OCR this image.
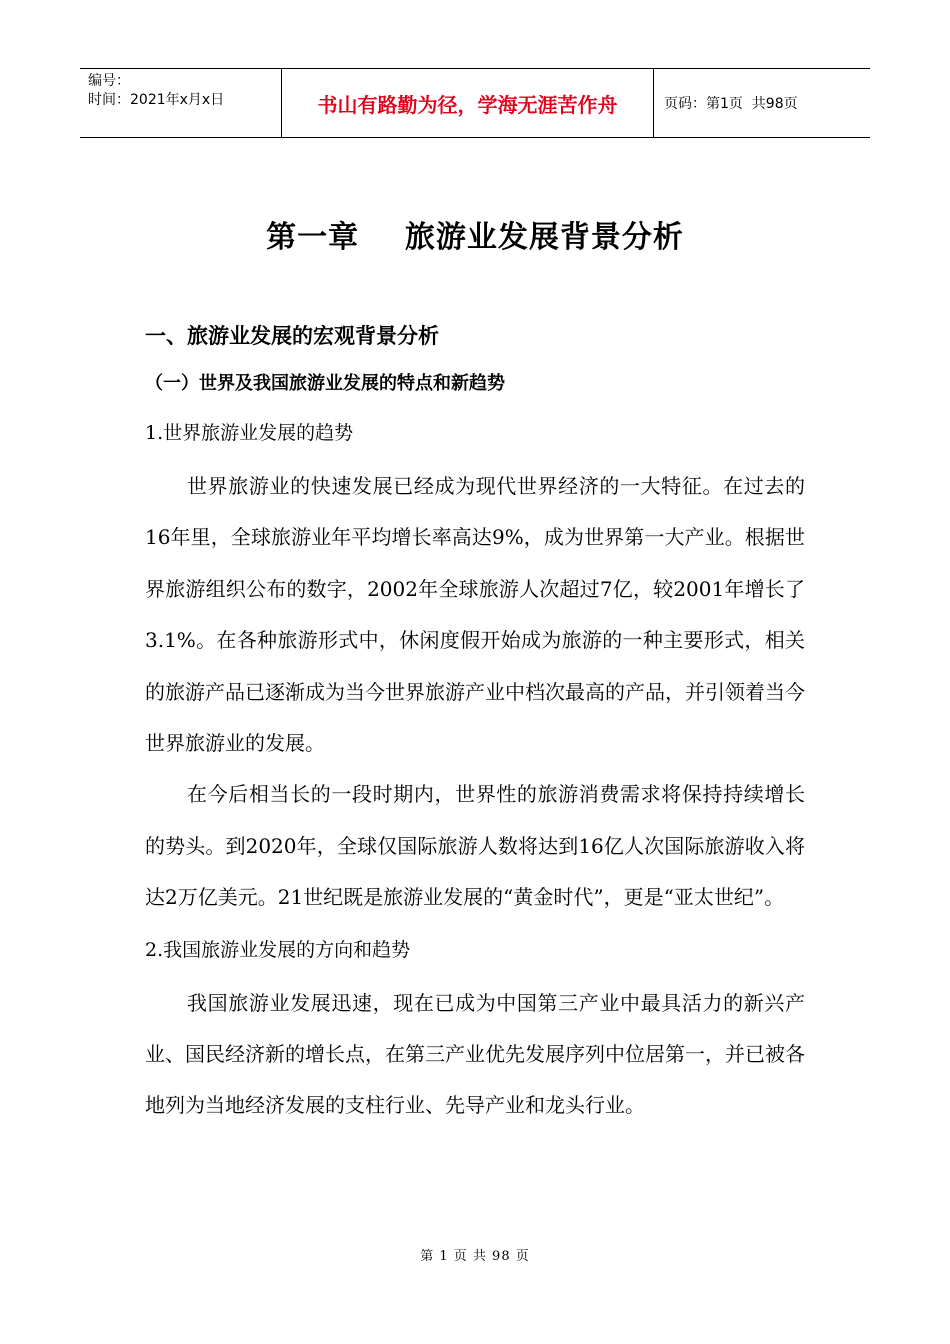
编号：
时间：2021年x月x日	书山有路勤为径，学海无涯苦作舟	页码：第1页  共98页
第一章    旅游业发展背景分析
一、旅游业发展的宏观背景分析
（一）世界及我国旅游业发展的特点和新趋势
1.世界旅游业发展的趋势

世界旅游业的快速发展已经成为现代世界经济的一大特征。在过去的16年里，全球旅游业年平均增长率高达9%，成为世界第一大产业。根据世界旅游组织公布的数字，2002年全球旅游人次超过7亿，较2001年增长了3.1%。在各种旅游形式中，休闲度假开始成为旅游的一种主要形式，相关的旅游产品已逐渐成为当今世界旅游产业中档次最高的产品，并引领着当今世界旅游业的发展。

在今后相当长的一段时期内，世界性的旅游消费需求将保持持续增长的势头。到2020年，全球仅国际旅游人数将达到16亿人次国际旅游收入将达2万亿美元。21世纪既是旅游业发展的“黄金时代”，更是“亚太世纪”。

2.我国旅游业发展的方向和趋势

我国旅游业发展迅速，现在已成为中国第三产业中最具活力的新兴产业、国民经济新的增长点，在第三产业优先发展序列中位居第一，并已被各地列为当地经济发展的支柱行业、先导产业和龙头行业。

第 1 页 共 98 页
